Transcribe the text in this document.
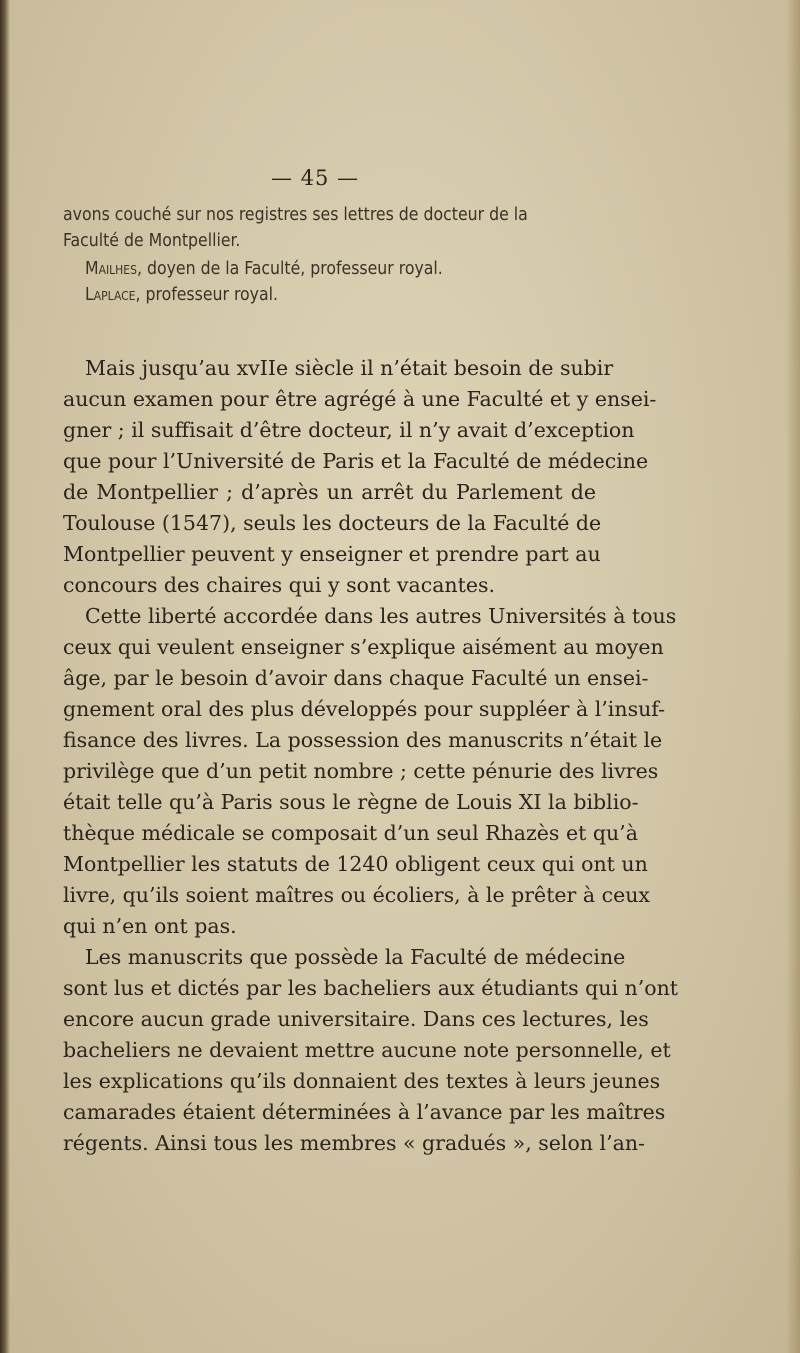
— 45 —
avons couché sur nos registres ses lettres de docteur de la
Faculté de Montpellier.
Mailhes, doyen de la Faculté, professeur royal.
Laplace, professeur royal.
Mais jusqu’au xvIIe siècle il n’était besoin de subir
aucun examen pour être agrégé à une Faculté et y ensei-
gner ; il suffisait d’être docteur, il n’y avait d’exception
que pour l’Université de Paris et la Faculté de médecine
de Montpellier ; d’après un arrêt du Parlement de
Toulouse (1547), seuls les docteurs de la Faculté de
Montpellier peuvent y enseigner et prendre part au
concours des chaires qui y sont vacantes.
Cette liberté accordée dans les autres Universités à tous
ceux qui veulent enseigner s’explique aisément au moyen
âge, par le besoin d’avoir dans chaque Faculté un ensei-
gnement oral des plus développés pour suppléer à l’insuf-
fisance des livres. La possession des manuscrits n’était le
privilège que d’un petit nombre ; cette pénurie des livres
était telle qu’à Paris sous le règne de Louis XI la biblio-
thèque médicale se composait d’un seul Rhazès et qu’à
Montpellier les statuts de 1240 obligent ceux qui ont un
livre, qu’ils soient maîtres ou écoliers, à le prêter à ceux
qui n’en ont pas.
Les manuscrits que possède la Faculté de médecine
sont lus et dictés par les bacheliers aux étudiants qui n’ont
encore aucun grade universitaire. Dans ces lectures, les
bacheliers ne devaient mettre aucune note personnelle, et
les explications qu’ils donnaient des textes à leurs jeunes
camarades étaient déterminées à l’avance par les maîtres
régents. Ainsi tous les membres « gradués », selon l’an-
